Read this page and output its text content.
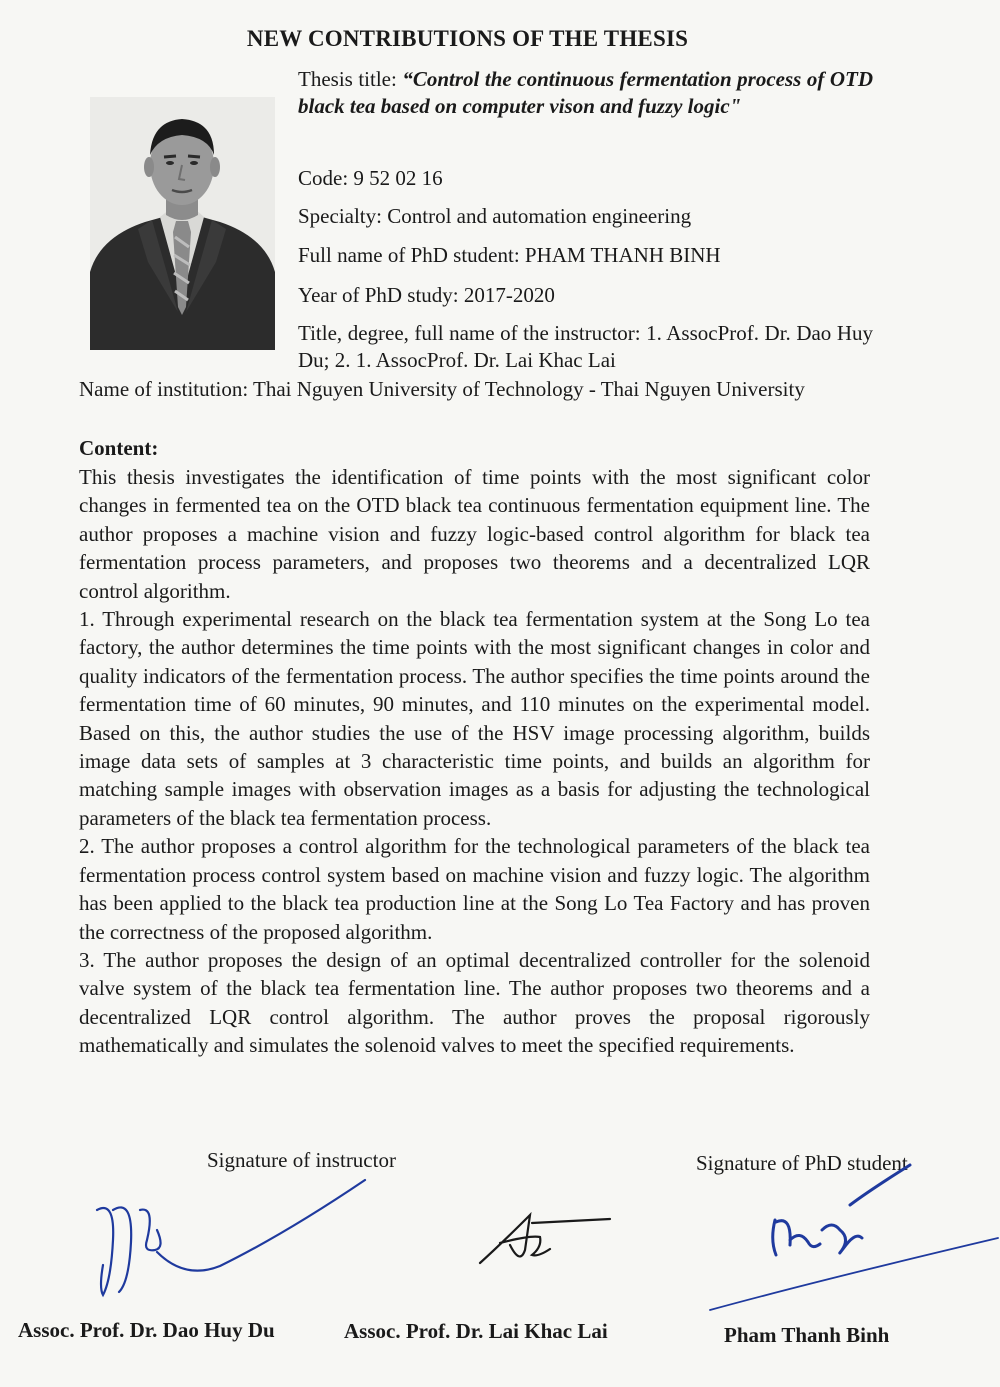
NEW CONTRIBUTIONS OF THE THESIS

Thesis title: “Control the continuous fermentation process of OTD black tea based on computer vison and fuzzy logic"

Code: 9 52 02 16
Specialty: Control and automation engineering
Full name of PhD student: PHAM THANH BINH
Year of PhD study: 2017-2020
Title, degree, full name of the instructor: 1. AssocProf. Dr. Dao Huy Du; 2. 1. AssocProf. Dr. Lai Khac Lai
Name of institution: Thai Nguyen University of Technology - Thai Nguyen University
Content:

This thesis investigates the identification of time points with the most significant color changes in fermented tea on the OTD black tea continuous fermentation equipment line. The author proposes a machine vision and fuzzy logic-based control algorithm for black tea fermentation process parameters, and proposes two theorems and a decentralized LQR control algorithm.

1. Through experimental research on the black tea fermentation system at the Song Lo tea factory, the author determines the time points with the most significant changes in color and quality indicators of the fermentation process. The author specifies the time points around the fermentation time of 60 minutes, 90 minutes, and 110 minutes on the experimental model. Based on this, the author studies the use of the HSV image processing algorithm, builds image data sets of samples at 3 characteristic time points, and builds an algorithm for matching sample images with observation images as a basis for adjusting the technological parameters of the black tea fermentation process.

2. The author proposes a control algorithm for the technological parameters of the black tea fermentation process control system based on machine vision and fuzzy logic. The algorithm has been applied to the black tea production line at the Song Lo Tea Factory and has proven the correctness of the proposed algorithm.

3. The author proposes the design of an optimal decentralized controller for the solenoid valve system of the black tea fermentation line. The author proposes two theorems and a decentralized LQR control algorithm. The author proves the proposal rigorously mathematically and simulates the solenoid valves to meet the specified requirements.

Signature of instructor	Signature of PhD student
Assoc. Prof. Dr. Dao Huy Du	Assoc. Prof. Dr. Lai Khac Lai	Pham Thanh Binh
